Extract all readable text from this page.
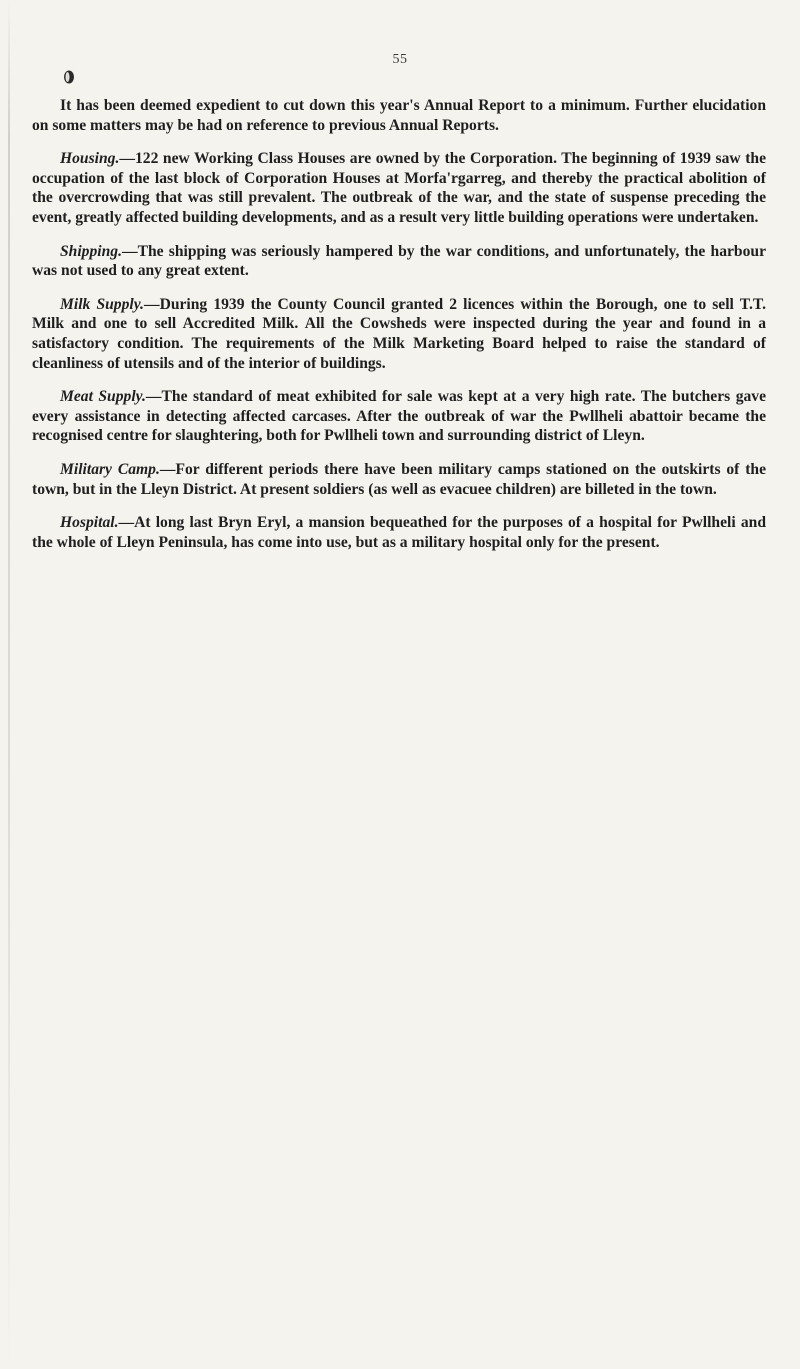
55

It has been deemed expedient to cut down this year's Annual Report to a minimum. Further elucidation on some matters may be had on reference to previous Annual Reports.

Housing.—122 new Working Class Houses are owned by the Corporation. The beginning of 1939 saw the occupation of the last block of Corporation Houses at Morfa'rgarreg, and thereby the practical abolition of the overcrowding that was still prevalent. The outbreak of the war, and the state of suspense preceding the event, greatly affected building developments, and as a result very little building operations were undertaken.

Shipping.—The shipping was seriously hampered by the war conditions, and unfortunately, the harbour was not used to any great extent.

Milk Supply.—During 1939 the County Council granted 2 licences within the Borough, one to sell T.T. Milk and one to sell Accredited Milk. All the Cowsheds were inspected during the year and found in a satisfactory condition. The requirements of the Milk Marketing Board helped to raise the standard of cleanliness of utensils and of the interior of buildings.

Meat Supply.—The standard of meat exhibited for sale was kept at a very high rate. The butchers gave every assistance in detecting affected carcases. After the outbreak of war the Pwllheli abattoir became the recognised centre for slaughtering, both for Pwllheli town and surrounding district of Lleyn.

Military Camp.—For different periods there have been military camps stationed on the outskirts of the town, but in the Lleyn District. At present soldiers (as well as evacuee children) are billeted in the town.

Hospital.—At long last Bryn Eryl, a mansion bequeathed for the purposes of a hospital for Pwllheli and the whole of Lleyn Peninsula, has come into use, but as a military hospital only for the present.
